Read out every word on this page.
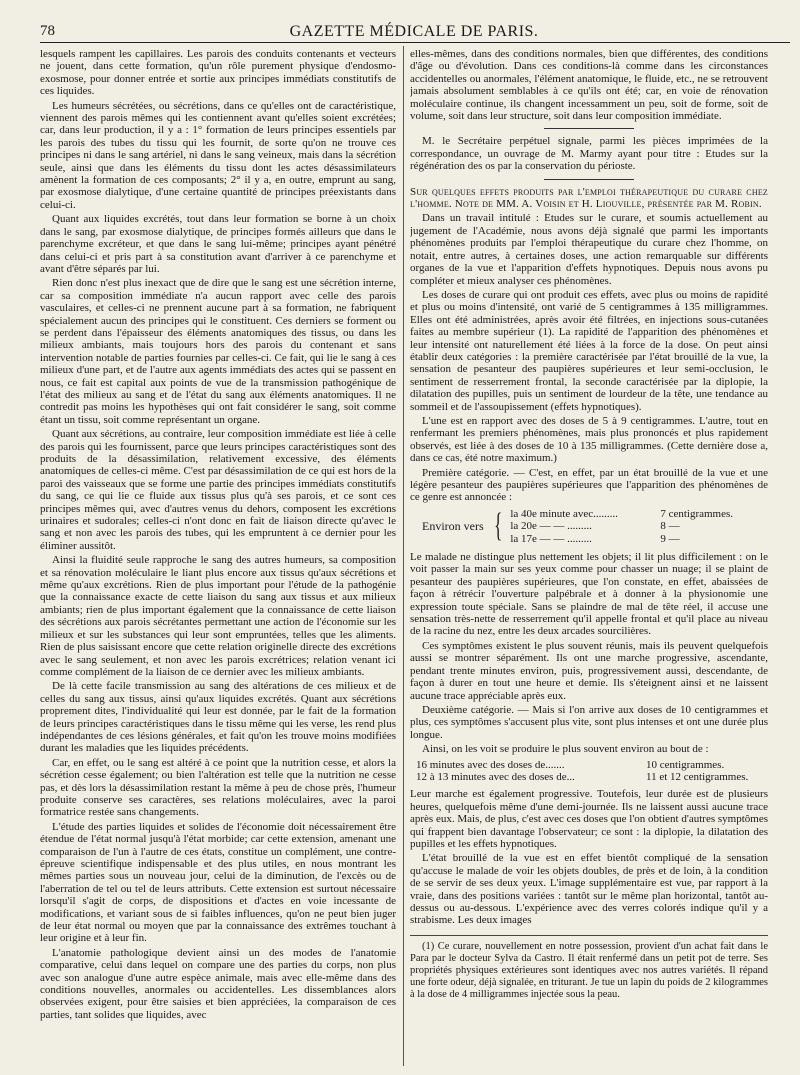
78	GAZETTE MÉDICALE DE PARIS.

lesquels rampent les capillaires. Les parois des conduits contenants et vecteurs ne jouent, dans cette formation, qu'un rôle purement physique d'endosmo-exosmose, pour donner entrée et sortie aux principes immédiats constitutifs de ces liquides.

Les humeurs sécrétées, ou sécrétions, dans ce qu'elles ont de caractéristique, viennent des parois mêmes qui les contiennent avant qu'elles soient excrétées; car, dans leur production, il y a : 1° formation de leurs principes essentiels par les parois des tubes du tissu qui les fournit, de sorte qu'on ne trouve ces principes ni dans le sang artériel, ni dans le sang veineux, mais dans la sécrétion seule, ainsi que dans les éléments du tissu dont les actes désassimilateurs amènent la formation de ces composants; 2° il y a, en outre, emprunt au sang, par exosmose dialytique, d'une certaine quantité de principes préexistants dans celui-ci.

Quant aux liquides excrétés, tout dans leur formation se borne à un choix dans le sang, par exosmose dialytique, de principes formés ailleurs que dans le parenchyme excréteur, et que dans le sang lui-même; principes ayant pénétré dans celui-ci et pris part à sa constitution avant d'arriver à ce parenchyme et avant d'être séparés par lui.

Rien donc n'est plus inexact que de dire que le sang est une sécrétion interne, car sa composition immédiate n'a aucun rapport avec celle des parois vasculaires, et celles-ci ne prennent aucune part à sa formation, ne fabriquent spécialement aucun des principes qui le constituent. Ces derniers se forment ou se perdent dans l'épaisseur des éléments anatomiques des tissus, ou dans les milieux ambiants, mais toujours hors des parois du contenant et sans intervention notable de parties fournies par celles-ci. Ce fait, qui lie le sang à ces milieux d'une part, et de l'autre aux agents immédiats des actes qui se passent en nous, ce fait est capital aux points de vue de la transmission pathogénique de l'état des milieux au sang et de l'état du sang aux éléments anatomiques. Il ne contredit pas moins les hypothèses qui ont fait considérer le sang, soit comme étant un tissu, soit comme représentant un organe.

Quant aux sécrétions, au contraire, leur composition immédiate est liée à celle des parois qui les fournissent, parce que leurs principes caractéristiques sont des produits de la désassimilation, relativement excessive, des éléments anatomiques de celles-ci même. C'est par désassimilation de ce qui est hors de la paroi des vaisseaux que se forme une partie des principes immédiats constitutifs du sang, ce qui lie ce fluide aux tissus plus qu'à ses parois, et ce sont ces principes mêmes qui, avec d'autres venus du dehors, composent les excrétions urinaires et sudorales; celles-ci n'ont donc en fait de liaison directe qu'avec le sang et non avec les parois des tubes, qui les empruntent à ce dernier pour les éliminer aussitôt.

Ainsi la fluidité seule rapproche le sang des autres humeurs, sa composition et sa rénovation moléculaire le liant plus encore aux tissus qu'aux sécrétions et même qu'aux excrétions. Rien de plus important pour l'étude de la pathogénie que la connaissance exacte de cette liaison du sang aux tissus et aux milieux ambiants; rien de plus important également que la connaissance de cette liaison des sécrétions aux parois sécrétantes permettant une action de l'économie sur les milieux et sur les substances qui leur sont empruntées, telles que les aliments. Rien de plus saisissant encore que cette relation originelle directe des excrétions avec le sang seulement, et non avec les parois excrétrices; relation venant ici comme complément de la liaison de ce dernier avec les milieux ambiants.

De là cette facile transmission au sang des altérations de ces milieux et de celles du sang aux tissus, ainsi qu'aux liquides excrétés. Quant aux sécrétions proprement dites, l'individualité qui leur est donnée, par le fait de la formation de leurs principes caractéristiques dans le tissu même qui les verse, les rend plus indépendantes de ces lésions générales, et fait qu'on les trouve moins modifiées durant les maladies que les liquides précédents.

Car, en effet, ou le sang est altéré à ce point que la nutrition cesse, et alors la sécrétion cesse également; ou bien l'altération est telle que la nutrition ne cesse pas, et dès lors la désassimilation restant la même à peu de chose près, l'humeur produite conserve ses caractères, ses relations moléculaires, avec la paroi formatrice restée sans changements.

L'étude des parties liquides et solides de l'économie doit nécessairement être étendue de l'état normal jusqu'à l'état morbide; car cette extension, amenant une comparaison de l'un à l'autre de ces états, constitue un complément, une contre-épreuve scientifique indispensable et des plus utiles, en nous montrant les mêmes parties sous un nouveau jour, celui de la diminution, de l'excès ou de l'aberration de tel ou tel de leurs attributs. Cette extension est surtout nécessaire lorsqu'il s'agit de corps, de dispositions et d'actes en voie incessante de modifications, et variant sous de si faibles influences, qu'on ne peut bien juger de leur état normal ou moyen que par la connaissance des extrêmes touchant à leur origine et à leur fin.

L'anatomie pathologique devient ainsi un des modes de l'anatomie comparative, celui dans lequel on compare une des parties du corps, non plus avec son analogue d'une autre espèce animale, mais avec elle-même dans des conditions nouvelles, anormales ou accidentelles. Les dissemblances alors observées exigent, pour être saisies et bien appréciées, la comparaison de ces parties, tant solides que liquides, avec

elles-mêmes, dans des conditions normales, bien que différentes, des conditions d'âge ou d'évolution. Dans ces conditions-là comme dans les circonstances accidentelles ou anormales, l'élément anatomique, le fluide, etc., ne se retrouvent jamais absolument semblables à ce qu'ils ont été; car, en voie de rénovation moléculaire continue, ils changent incessamment un peu, soit de forme, soit de volume, soit dans leur structure, soit dans leur composition immédiate.

M. le Secrétaire perpétuel signale, parmi les pièces imprimées de la correspondance, un ouvrage de M. Marmy ayant pour titre : Etudes sur la régénération des os par la conservation du périoste.

Sur quelques effets produits par l'emploi thérapeutique du curare chez l'homme. Note de MM. A. Voisin et H. Liouville, présentée par M. Robin.

Dans un travail intitulé : Etudes sur le curare, et soumis actuellement au jugement de l'Académie, nous avons déjà signalé que parmi les importants phénomènes produits par l'emploi thérapeutique du curare chez l'homme, on notait, entre autres, à certaines doses, une action remarquable sur différents organes de la vue et l'apparition d'effets hypnotiques. Depuis nous avons pu compléter et mieux analyser ces phénomènes.

Les doses de curare qui ont produit ces effets, avec plus ou moins de rapidité et plus ou moins d'intensité, ont varié de 5 centigrammes à 135 milligrammes. Elles ont été administrées, après avoir été filtrées, en injections sous-cutanées faites au membre supérieur (1). La rapidité de l'apparition des phénomènes et leur intensité ont naturellement été liées à la force de la dose. On peut ainsi établir deux catégories : la première caractérisée par l'état brouillé de la vue, la sensation de pesanteur des paupières supérieures et leur semi-occlusion, le sentiment de resserrement frontal, la seconde caractérisée par la diplopie, la dilatation des pupilles, puis un sentiment de lourdeur de la tête, une tendance au sommeil et de l'assoupissement (effets hypnotiques).

L'une est en rapport avec des doses de 5 à 9 centigrammes. L'autre, tout en renfermant les premiers phénomènes, mais plus prononcés et plus rapidement observés, est liée à des doses de 10 à 135 milligrammes. (Cette dernière dose a, dans ce cas, été notre maximum.)

Première catégorie. — C'est, en effet, par un état brouillé de la vue et une légère pesanteur des paupières supérieures que l'apparition des phénomènes de ce genre est annoncée :

Environ vers { la 40e minute avec.........	7 centigrammes.
la 20e — — .........	8 —
la 17e — — .........	9 —

Le malade ne distingue plus nettement les objets; il lit plus difficilement : on le voit passer la main sur ses yeux comme pour chasser un nuage; il se plaint de pesanteur des paupières supérieures, que l'on constate, en effet, abaissées de façon à rétrécir l'ouverture palpébrale et à donner à la physionomie une expression toute spéciale. Sans se plaindre de mal de tête réel, il accuse une sensation très-nette de resserrement qu'il appelle frontal et qu'il place au niveau de la racine du nez, entre les deux arcades sourcilières.

Ces symptômes existent le plus souvent réunis, mais ils peuvent quelquefois aussi se montrer séparément. Ils ont une marche progressive, ascendante, pendant trente minutes environ, puis, progressivement aussi, descendante, de façon à durer en tout une heure et demie. Ils s'éteignent ainsi et ne laissent aucune trace appréciable après eux.

Deuxième catégorie. — Mais si l'on arrive aux doses de 10 centigrammes et plus, ces symptômes s'accusent plus vite, sont plus intenses et ont une durée plus longue.

Ainsi, on les voit se produire le plus souvent environ au bout de :

16 minutes avec des doses de.......	10 centigrammes.
12 à 13 minutes avec des doses de...	11 et 12 centigrammes.

Leur marche est également progressive. Toutefois, leur durée est de plusieurs heures, quelquefois même d'une demi-journée. Ils ne laissent aussi aucune trace après eux. Mais, de plus, c'est avec ces doses que l'on obtient d'autres symptômes qui frappent bien davantage l'observateur; ce sont : la diplopie, la dilatation des pupilles et les effets hypnotiques.

L'état brouillé de la vue est en effet bientôt compliqué de la sensation qu'accuse le malade de voir les objets doubles, de près et de loin, à la condition de se servir de ses deux yeux. L'image supplémentaire est vue, par rapport à la vraie, dans des positions variées : tantôt sur le même plan horizontal, tantôt au-dessus ou au-dessous. L'expérience avec des verres colorés indique qu'il y a strabisme. Les deux images

(1) Ce curare, nouvellement en notre possession, provient d'un achat fait dans le Para par le docteur Sylva da Castro. Il était renfermé dans un petit pot de terre. Ses propriétés physiques extérieures sont identiques avec nos autres variétés. Il répand une forte odeur, déjà signalée, en triturant. Je tue un lapin du poids de 2 kilogrammes à la dose de 4 milligrammes injectée sous la peau.
